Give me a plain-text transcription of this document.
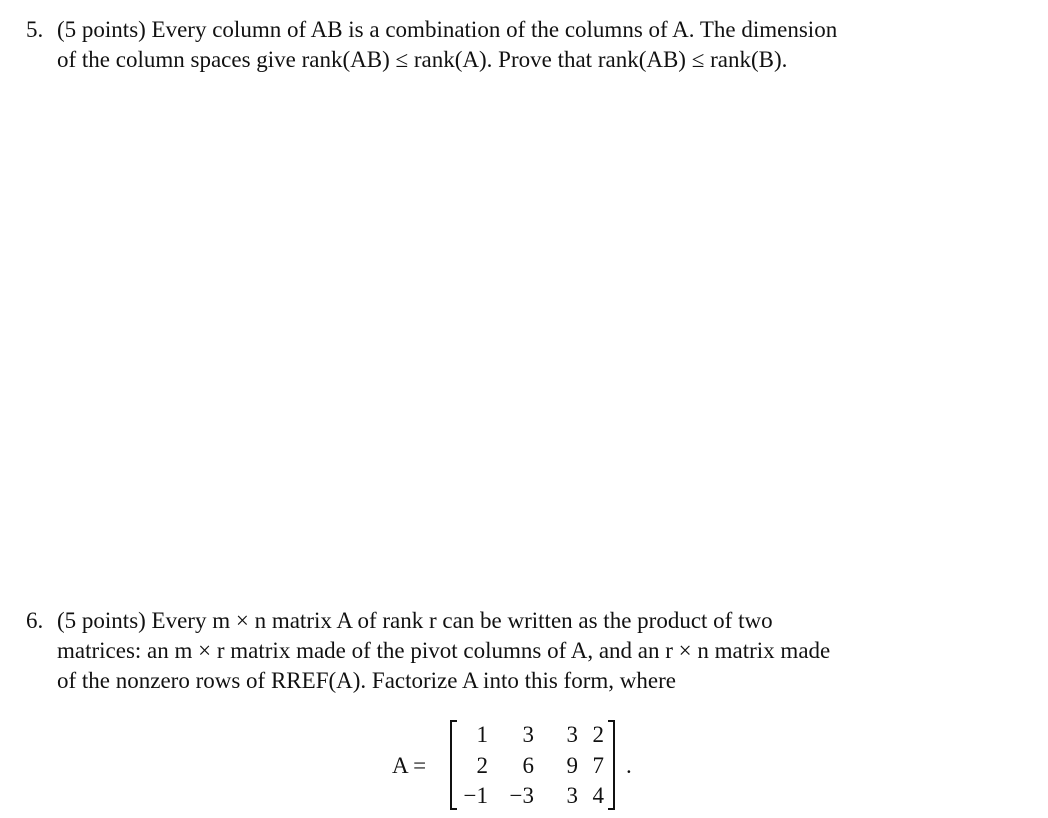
5. (5 points) Every column of AB is a combination of the columns of A. The dimension
of the column spaces give rank(AB) ≤ rank(A). Prove that rank(AB) ≤ rank(B).
6. (5 points) Every m × n matrix A of rank r can be written as the product of two
matrices: an m × r matrix made of the pivot columns of A, and an r × n matrix made
of the nonzero rows of RREF(A). Factorize A into this form, where
A =
1	3	3 2
2	6	9 7
−1 −3	3 4
.
